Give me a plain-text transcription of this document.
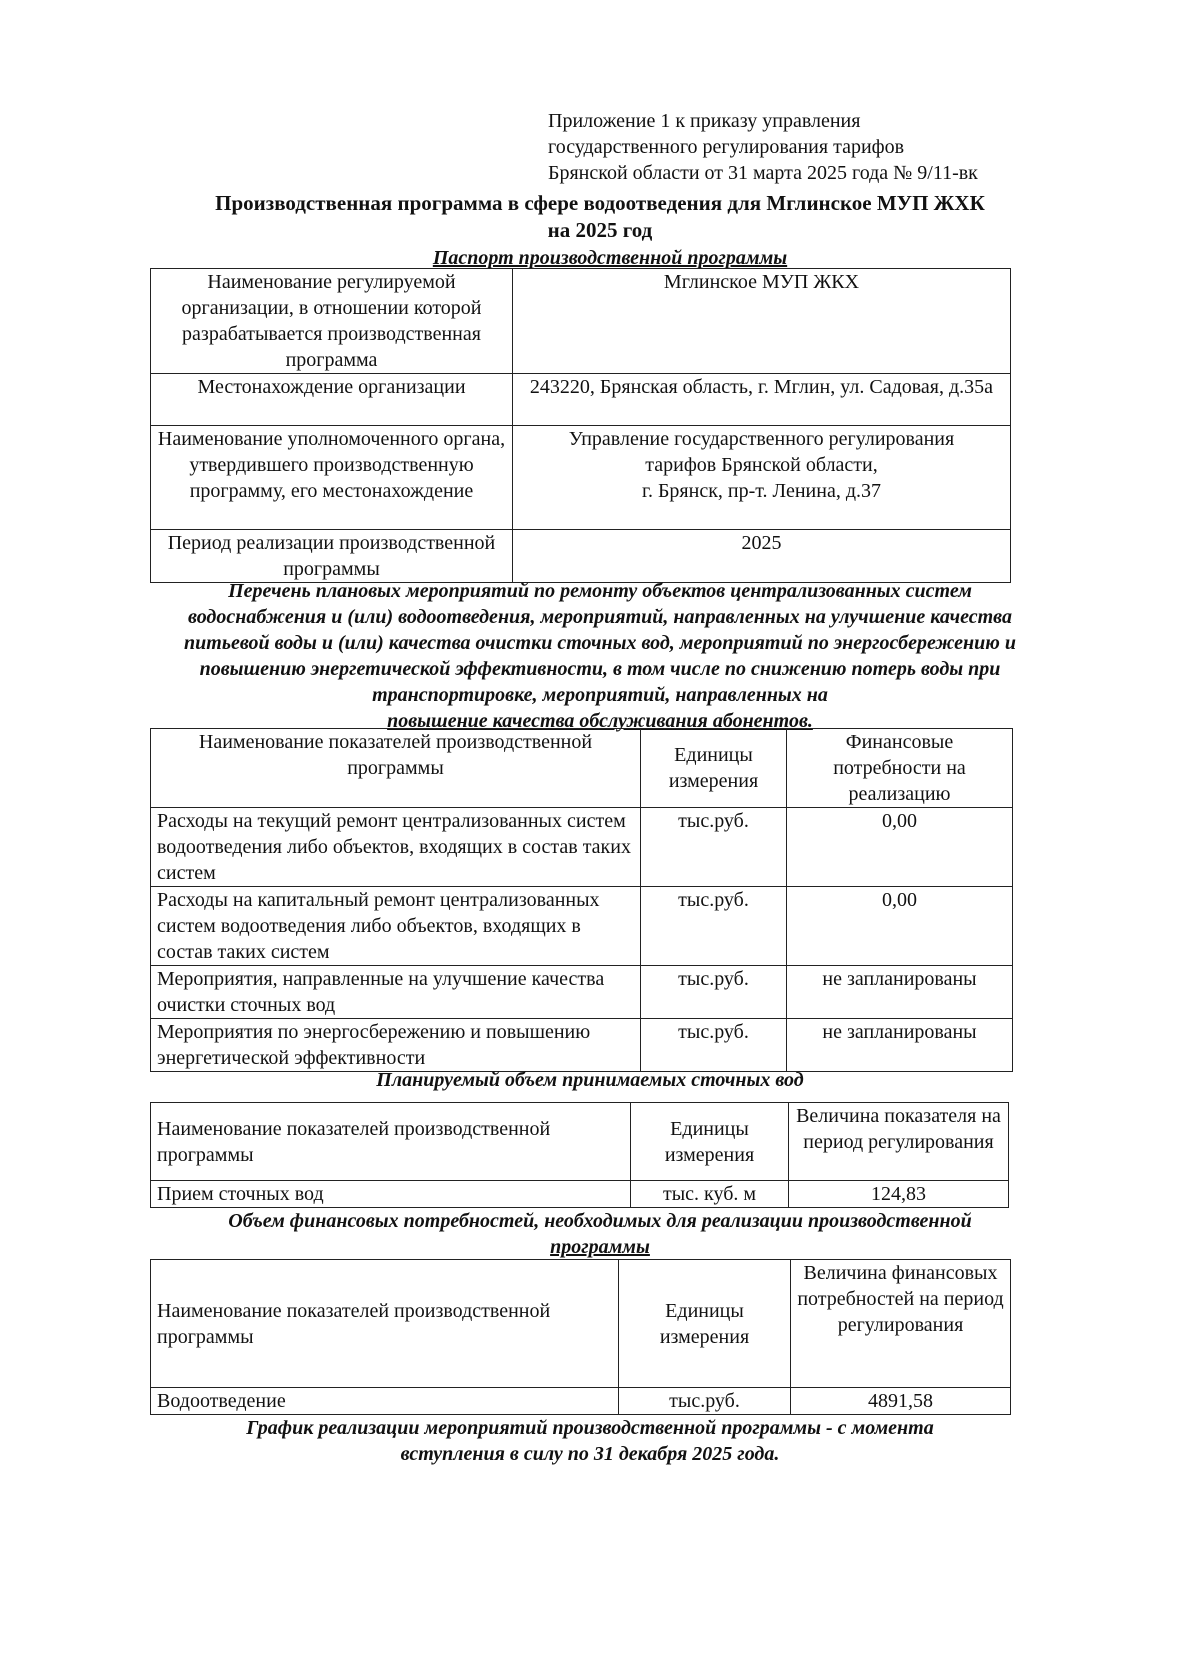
Приложение 1 к приказу управления
государственного регулирования тарифов
Брянской области от 31 марта 2025 года № 9/11-вк
Производственная программа в сфере водоотведения для Мглинское МУП ЖХК
на 2025 год
Паспорт производственной программы
Наименование регулируемой организации, в отношении которой разрабатывается производственная программа	Мглинское МУП ЖКХ
Местонахождение организации	243220, Брянская область, г. Мглин, ул. Садовая, д.35а
Наименование уполномоченного органа, утвердившего производственную программу, его местонахождение	Управление государственного регулирования
тарифов Брянской области,
г. Брянск, пр-т. Ленина, д.37

Период реализации производственной программы	2025
Перечень плановых мероприятий по ремонту объектов централизованных систем водоснабжения и (или) водоотведения, мероприятий, направленных на улучшение качества питьевой воды и (или) качества очистки сточных вод, мероприятий по энергосбережению и повышению энергетической эффективности, в том числе по снижению потерь воды при транспортировке, мероприятий, направленных на
повышение качества обслуживания абонентов.
Наименование показателей производственной программы	Единицы измерения	Финансовые потребности на реализацию
Расходы на текущий ремонт централизованных систем водоотведения либо объектов, входящих в состав таких систем	тыс.руб.	0,00
Расходы на капитальный ремонт централизованных систем водоотведения либо объектов, входящих в состав таких систем	тыс.руб.	0,00
Мероприятия, направленные на улучшение качества очистки сточных вод	тыс.руб.	не запланированы
Мероприятия по энергосбережению и повышению энергетической эффективности	тыс.руб.	не запланированы
Планируемый объем принимаемых сточных вод
Наименование показателей производственной программы	Единицы измерения	Величина показателя на период регулирования
Прием сточных вод	тыс. куб. м	124,83
Объем финансовых потребностей, необходимых для реализации производственной
программы
Наименование показателей производственной программы	Единицы измерения	Величина финансовых потребностей на период регулирования
Водоотведение	тыс.руб.	4891,58
График реализации мероприятий производственной программы - с момента
вступления в силу по 31 декабря 2025 года.
